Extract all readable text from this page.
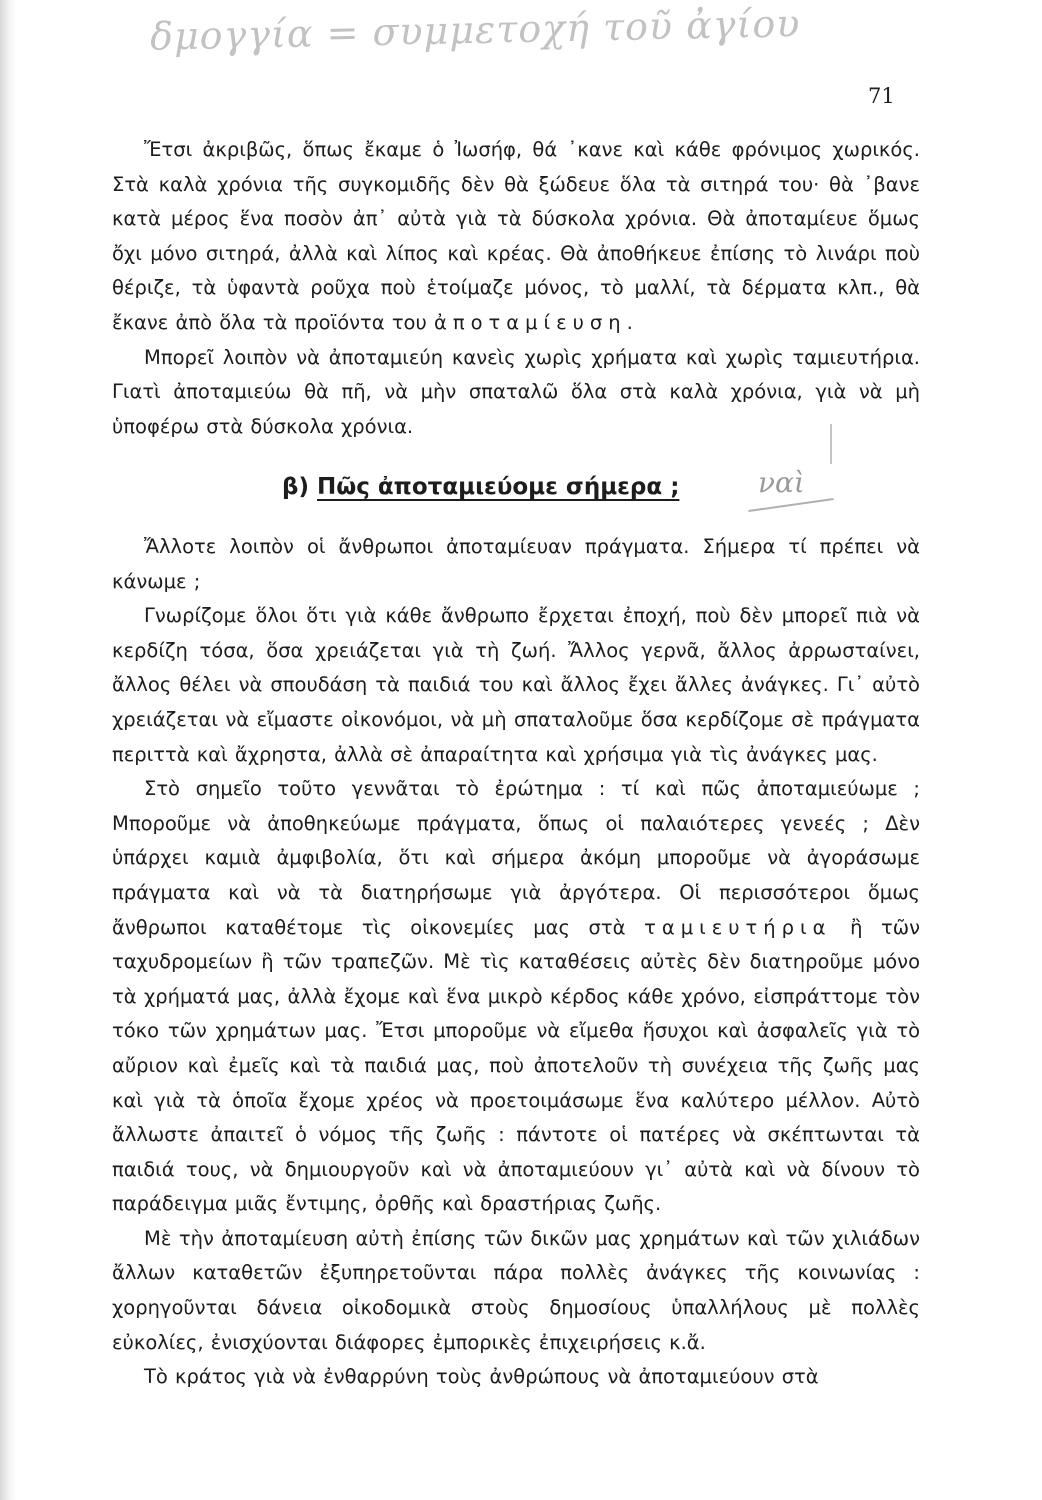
δμογγία = συμμετοχή τοῦ ἀγίου
71

Ἔτσι ἀκριβῶς, ὅπως ἔκαμε ὁ Ἰωσήφ, θά ᾿κανε καὶ κάθε φρόνιμος χωρικός. Στὰ καλὰ χρόνια τῆς συγκομιδῆς δὲν θὰ ξώδευε ὅλα τὰ σιτηρά του· θὰ ᾿βανε κατὰ μέρος ἕνα ποσὸν ἀπ᾿ αὐτὰ γιὰ τὰ δύσκολα χρόνια. Θὰ ἀποταμίευε ὅμως ὄχι μόνο σιτηρά, ἀλλὰ καὶ λίπος καὶ κρέας. Θὰ ἀποθήκευε ἐπίσης τὸ λινάρι ποὺ θέριζε, τὰ ὑφαντὰ ροῦχα ποὺ ἑτοίμαζε μόνος, τὸ μαλλί, τὰ δέρματα κλπ., θὰ ἔκανε ἀπὸ ὅλα τὰ προϊόντα του ἀποταμίευση.

Μπορεῖ λοιπὸν νὰ ἀποταμιεύη κανεὶς χωρὶς χρήματα καὶ χωρὶς ταμιευτήρια. Γιατὶ ἀποταμιεύω θὰ πῆ, νὰ μὴν σπαταλῶ ὅλα στὰ καλὰ χρόνια, γιὰ νὰ μὴ ὑποφέρω στὰ δύσκολα χρόνια.

β) Πῶς ἀποταμιεύομε σήμερα ;	ναὶ

Ἄλλοτε λοιπὸν οἱ ἄνθρωποι ἀποταμίευαν πράγματα. Σήμερα τί πρέπει νὰ κάνωμε ;

Γνωρίζομε ὅλοι ὅτι γιὰ κάθε ἄνθρωπο ἔρχεται ἐποχή, ποὺ δὲν μπορεῖ πιὰ νὰ κερδίζη τόσα, ὅσα χρειάζεται γιὰ τὴ ζωή. Ἄλλος γερνᾶ, ἄλλος ἀρρωσταίνει, ἄλλος θέλει νὰ σπουδάση τὰ παιδιά του καὶ ἄλλος ἔχει ἄλλες ἀνάγκες. Γι᾿ αὐτὸ χρειάζεται νὰ εἴμαστε οἰκονόμοι, νὰ μὴ σπαταλοῦμε ὅσα κερδίζομε σὲ πράγματα περιττὰ καὶ ἄχρηστα, ἀλλὰ σὲ ἀπαραίτητα καὶ χρήσιμα γιὰ τὶς ἀνάγκες μας.

Στὸ σημεῖο τοῦτο γεννᾶται τὸ ἐρώτημα : τί καὶ πῶς ἀποταμιεύωμε ; Μποροῦμε νὰ ἀποθηκεύωμε πράγματα, ὅπως οἱ παλαιότερες γενεές ; Δὲν ὑπάρχει καμιὰ ἀμφιβολία, ὅτι καὶ σήμερα ἀκόμη μποροῦμε νὰ ἀγοράσωμε πράγματα καὶ νὰ τὰ διατηρήσωμε γιὰ ἀργότερα. Οἱ περισσότεροι ὅμως ἄνθρωποι καταθέτομε τὶς οἰκονεμίες μας στὰ ταμιευτήρια ἢ τῶν ταχυδρομείων ἢ τῶν τραπεζῶν. Μὲ τὶς καταθέσεις αὐτὲς δὲν διατηροῦμε μόνο τὰ χρήματά μας, ἀλλὰ ἔχομε καὶ ἕνα μικρὸ κέρδος κάθε χρόνο, εἰσπράττομε τὸν τόκο τῶν χρημάτων μας. Ἔτσι μποροῦμε νὰ εἴμεθα ἥσυχοι καὶ ἀσφαλεῖς γιὰ τὸ αὔριον καὶ ἐμεῖς καὶ τὰ παιδιά μας, ποὺ ἀποτελοῦν τὴ συνέχεια τῆς ζωῆς μας καὶ γιὰ τὰ ὁποῖα ἔχομε χρέος νὰ προετοιμάσωμε ἕνα καλύτερο μέλλον. Αὐτὸ ἄλλωστε ἀπαιτεῖ ὁ νόμος τῆς ζωῆς : πάντοτε οἱ πατέρες νὰ σκέπτωνται τὰ παιδιά τους, νὰ δημιουργοῦν καὶ νὰ ἀποταμιεύουν γι᾿ αὐτὰ καὶ νὰ δίνουν τὸ παράδειγμα μιᾶς ἔντιμης, ὀρθῆς καὶ δραστήριας ζωῆς.

Μὲ τὴν ἀποταμίευση αὐτὴ ἐπίσης τῶν δικῶν μας χρημάτων καὶ τῶν χιλιάδων ἄλλων καταθετῶν ἐξυπηρετοῦνται πάρα πολλὲς ἀνάγκες τῆς κοινωνίας : χορηγοῦνται δάνεια οἰκοδομικὰ στοὺς δημοσίους ὑπαλλήλους μὲ πολλὲς εὐκολίες, ἐνισχύονται διάφορες ἐμπορικὲς ἐπιχειρήσεις κ.ἄ.

Τὸ κράτος γιὰ νὰ ἐνθαρρύνη τοὺς ἀνθρώπους νὰ ἀποταμιεύουν στὰ
